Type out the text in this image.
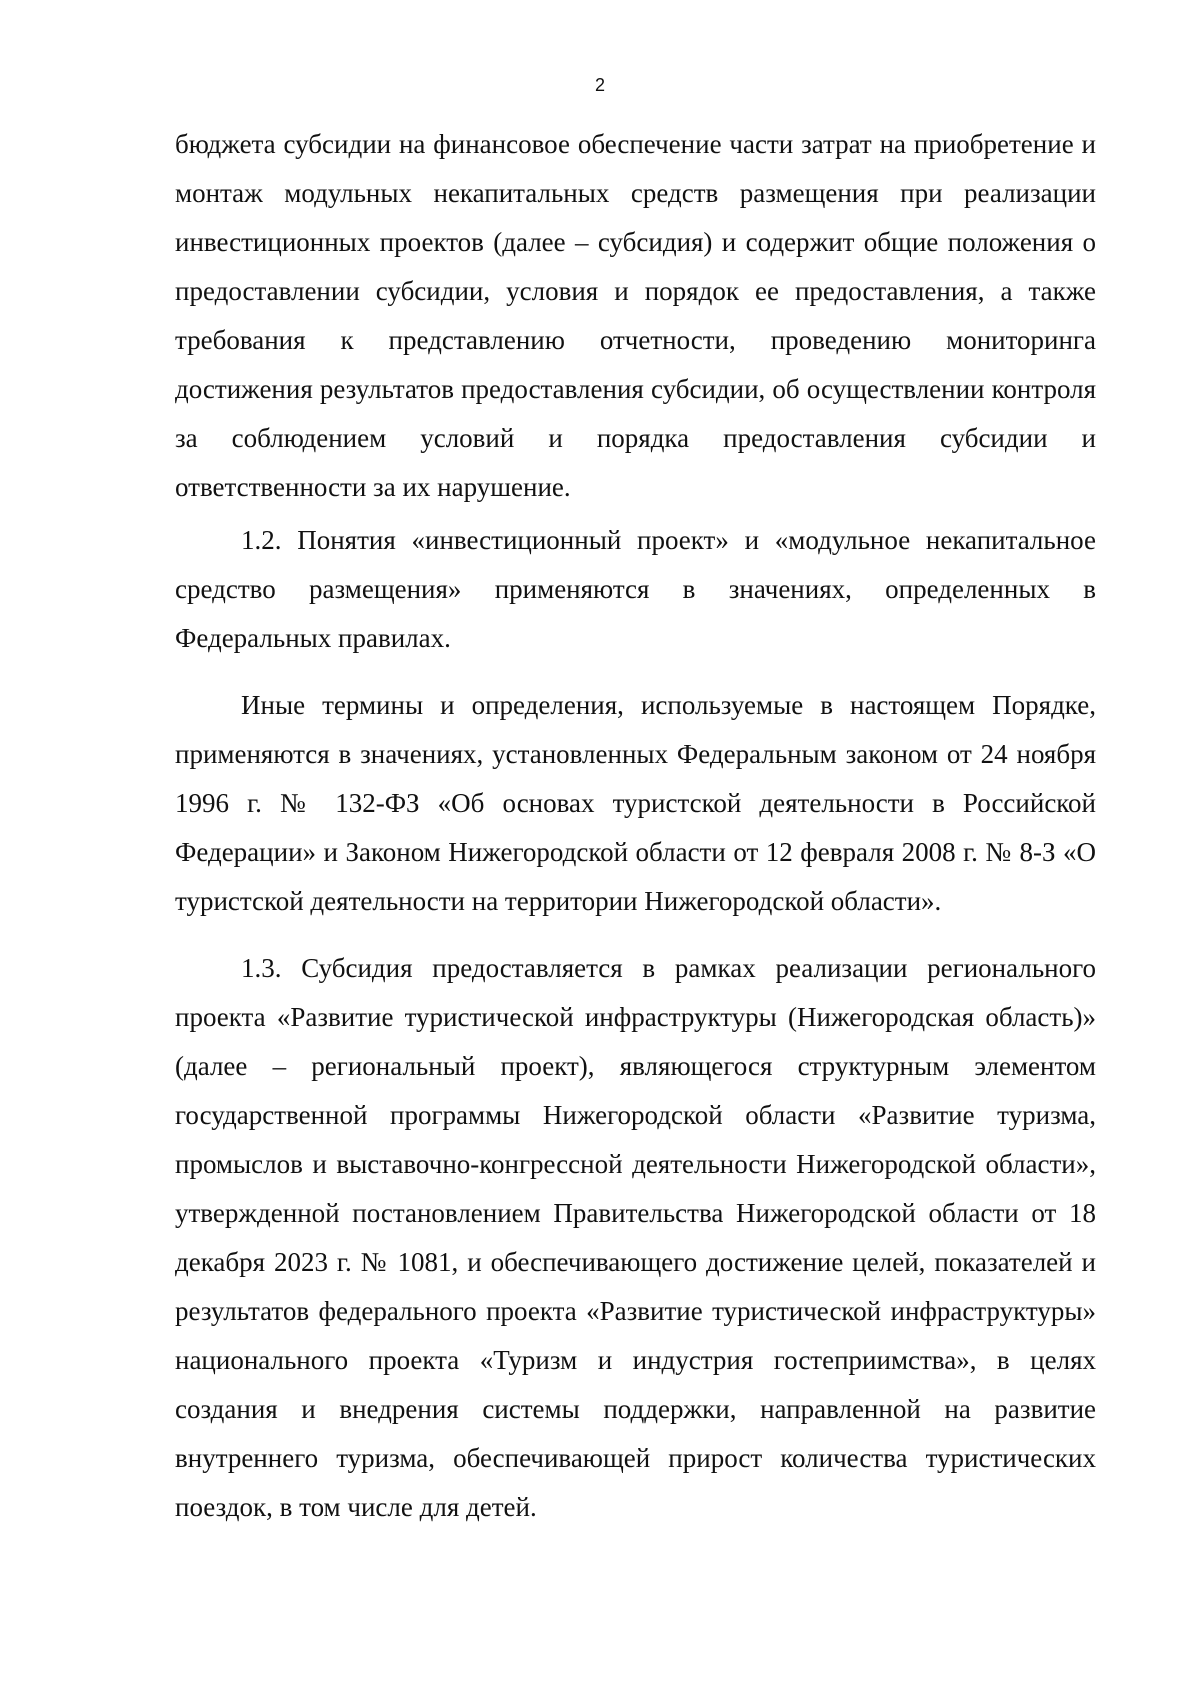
2

бюджета субсидии на финансовое обеспечение части затрат на приобретение и монтаж модульных некапитальных средств размещения при реализации инвестиционных проектов (далее – субсидия) и содержит общие положения о предоставлении субсидии, условия и порядок ее предоставления, а также требования к представлению отчетности, проведению мониторинга достижения результатов предоставления субсидии, об осуществлении контроля за соблюдением условий и порядка предоставления субсидии и ответственности за их нарушение.

1.2. Понятия «инвестиционный проект» и «модульное некапитальное средство размещения» применяются в значениях, определенных в Федеральных правилах.

Иные термины и определения, используемые в настоящем Порядке, применяются в значениях, установленных Федеральным законом от 24 ноября 1996 г. № 132-ФЗ «Об основах туристской деятельности в Российской Федерации» и Законом Нижегородской области от 12 февраля 2008 г. № 8-З «О туристской деятельности на территории Нижегородской области».

1.3. Субсидия предоставляется в рамках реализации регионального проекта «Развитие туристической инфраструктуры (Нижегородская область)» (далее – региональный проект), являющегося структурным элементом государственной программы Нижегородской области «Развитие туризма, промыслов и выставочно-конгрессной деятельности Нижегородской области», утвержденной постановлением Правительства Нижегородской области от 18 декабря 2023 г. № 1081, и обеспечивающего достижение целей, показателей и результатов федерального проекта «Развитие туристической инфраструктуры» национального проекта «Туризм и индустрия гостеприимства», в целях создания и внедрения системы поддержки, направленной на развитие внутреннего туризма, обеспечивающей прирост количества туристических поездок, в том числе для детей.
